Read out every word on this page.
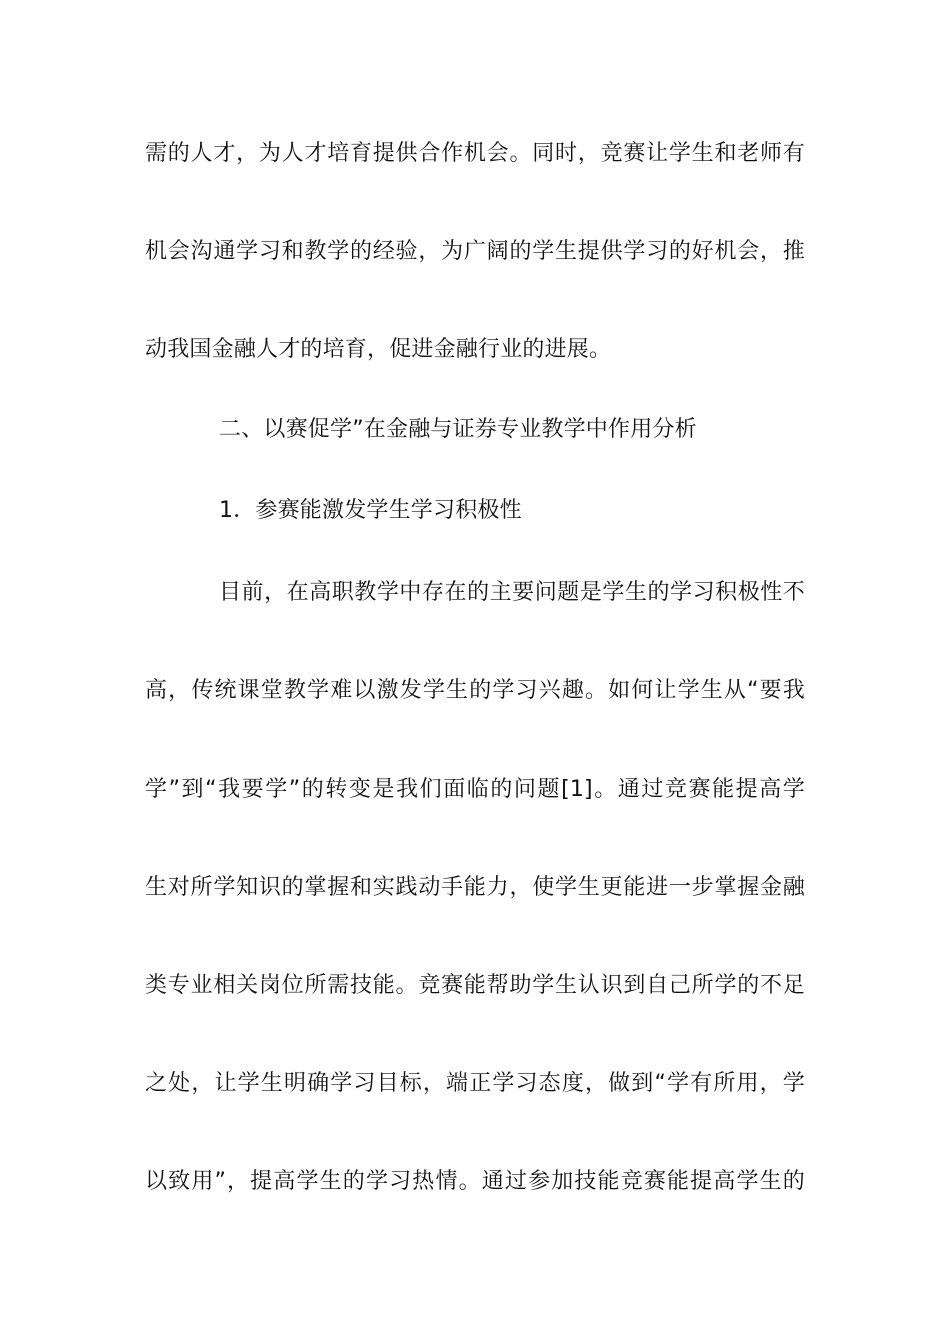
需的人才，为人才培育提供合作机会。同时，竞赛让学生和老师有
机会沟通学习和教学的经验，为广阔的学生提供学习的好机会，推
动我国金融人才的培育，促进金融行业的进展。
二、以赛促学”在金融与证券专业教学中作用分析
1．参赛能激发学生学习积极性
目前，在高职教学中存在的主要问题是学生的学习积极性不
高，传统课堂教学难以激发学生的学习兴趣。如何让学生从“要我
学”到“我要学”的转变是我们面临的问题[1]。通过竞赛能提高学
生对所学知识的掌握和实践动手能力，使学生更能进一步掌握金融
类专业相关岗位所需技能。竞赛能帮助学生认识到自己所学的不足
之处，让学生明确学习目标，端正学习态度，做到“学有所用，学
以致用”，提高学生的学习热情。通过参加技能竞赛能提高学生的
